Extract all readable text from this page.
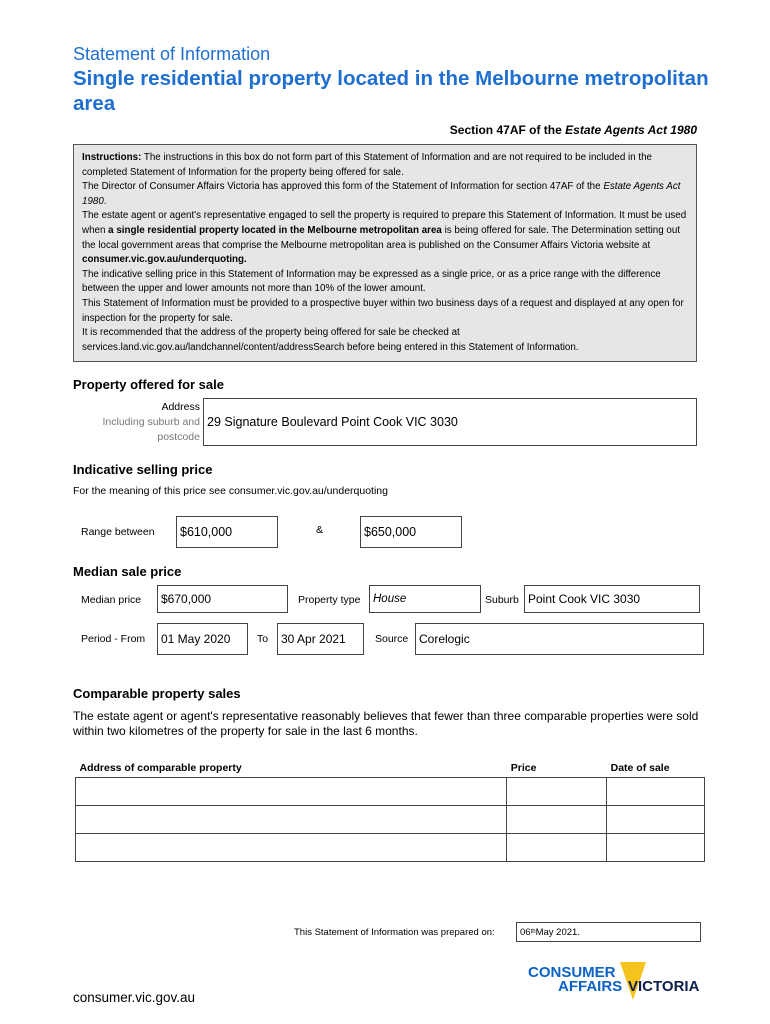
Statement of Information
Single residential property located in the Melbourne metropolitan area
Section 47AF of the Estate Agents Act 1980

Instructions: The instructions in this box do not form part of this Statement of Information and are not required to be included in the completed Statement of Information for the property being offered for sale.

The Director of Consumer Affairs Victoria has approved this form of the Statement of Information for section 47AF of the Estate Agents Act 1980.

The estate agent or agent's representative engaged to sell the property is required to prepare this Statement of Information. It must be used when a single residential property located in the Melbourne metropolitan area is being offered for sale. The Determination setting out the local government areas that comprise the Melbourne metropolitan area is published on the Consumer Affairs Victoria website at consumer.vic.gov.au/underquoting.

The indicative selling price in this Statement of Information may be expressed as a single price, or as a price range with the difference between the upper and lower amounts not more than 10% of the lower amount.

This Statement of Information must be provided to a prospective buyer within two business days of a request and displayed at any open for inspection for the property for sale.

It is recommended that the address of the property being offered for sale be checked at services.land.vic.gov.au/landchannel/content/addressSearch before being entered in this Statement of Information.

Property offered for sale
Address
Including suburb and
postcode
29 Signature Boulevard Point Cook VIC 3030
Indicative selling price
For the meaning of this price see consumer.vic.gov.au/underquoting
Range between	$610,000	&	$650,000
Median sale price
Median price	$670,000	Property type	House	Suburb Point Cook VIC 3030
Period - From	01 May 2020	To	30 Apr 2021	Source Corelogic
Comparable property sales
The estate agent or agent's representative reasonably believes that fewer than three comparable properties were sold within two kilometres of the property for sale in the last 6 months.
Address of comparable property	Price	Date of sale

This Statement of Information was prepared on:	06 th May 2021.
CONSUMER
AFFAIRS VICTORIA
consumer.vic.gov.au
